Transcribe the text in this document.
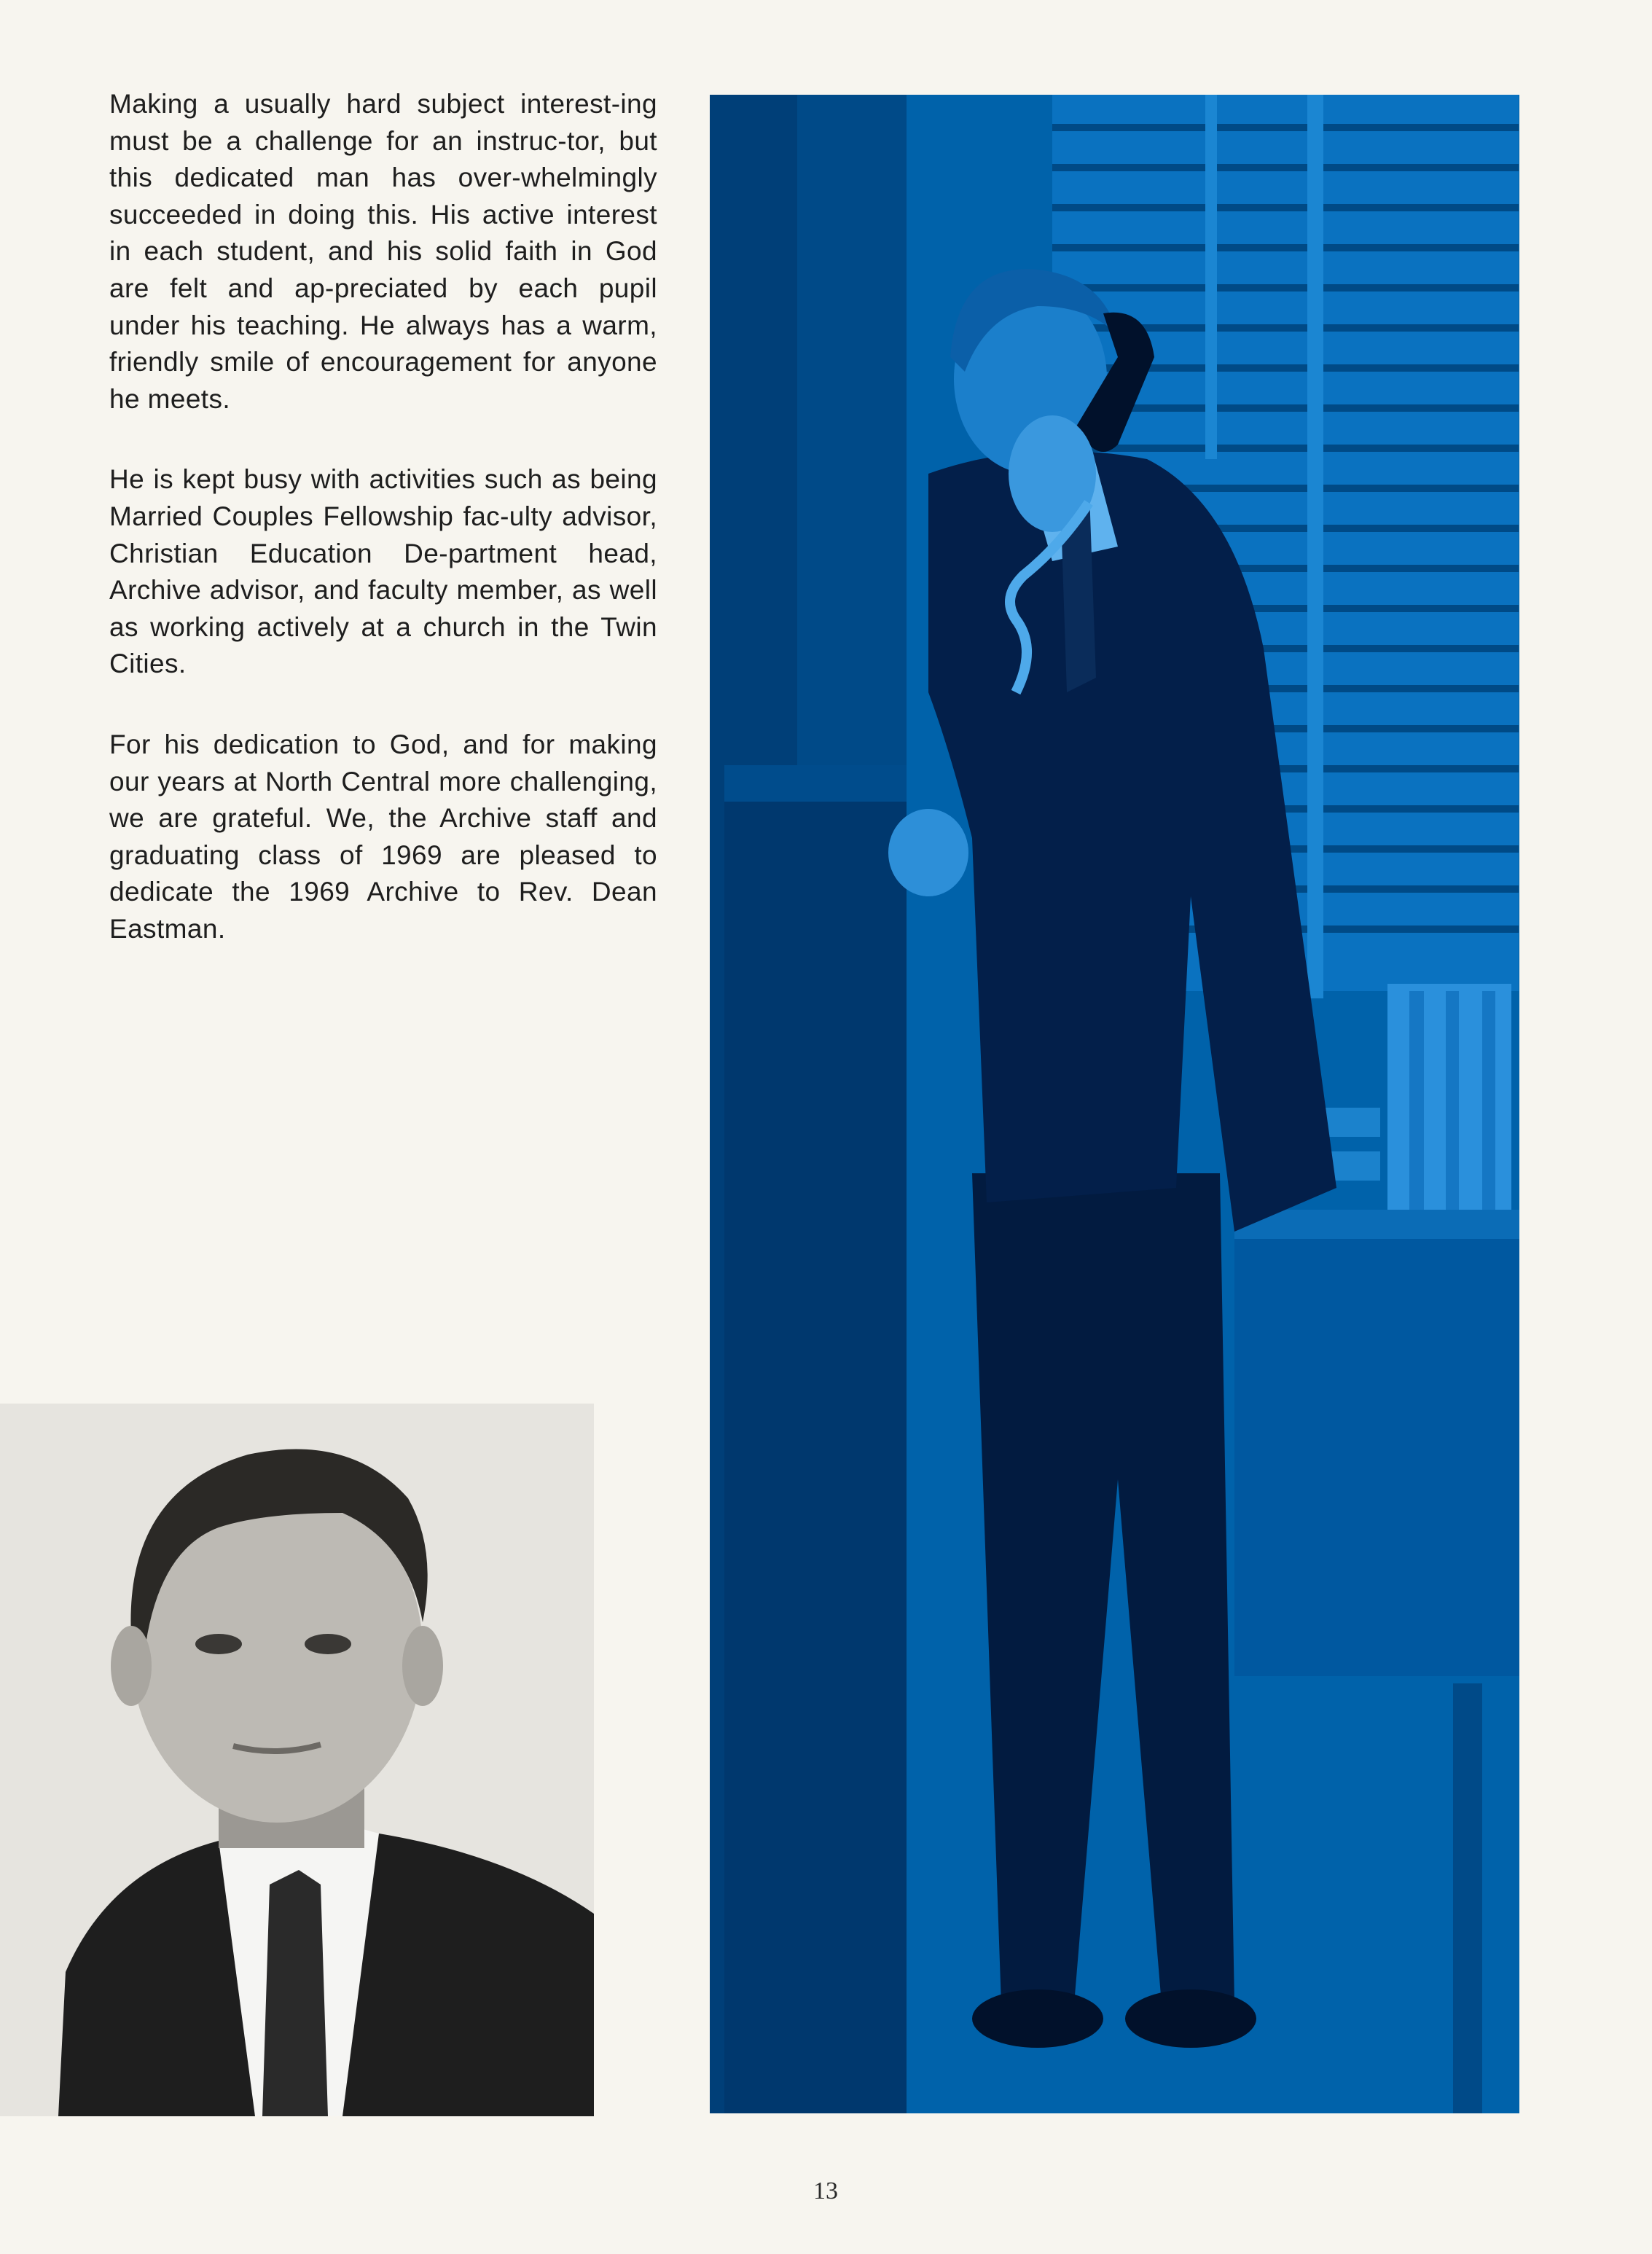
Making a usually hard subject interest-ing must be a challenge for an instruc-tor, but this dedicated man has over-whelmingly succeeded in doing this. His active interest in each student, and his solid faith in God are felt and ap-preciated by each pupil under his teaching. He always has a warm, friendly smile of encouragement for anyone he meets.

He is kept busy with activities such as being Married Couples Fellowship fac-ulty advisor, Christian Education De-partment head, Archive advisor, and faculty member, as well as working actively at a church in the Twin Cities.

For his dedication to God, and for making our years at North Central more challenging, we are grateful. We, the Archive staff and graduating class of 1969 are pleased to dedicate the 1969 Archive to Rev. Dean Eastman.

13
